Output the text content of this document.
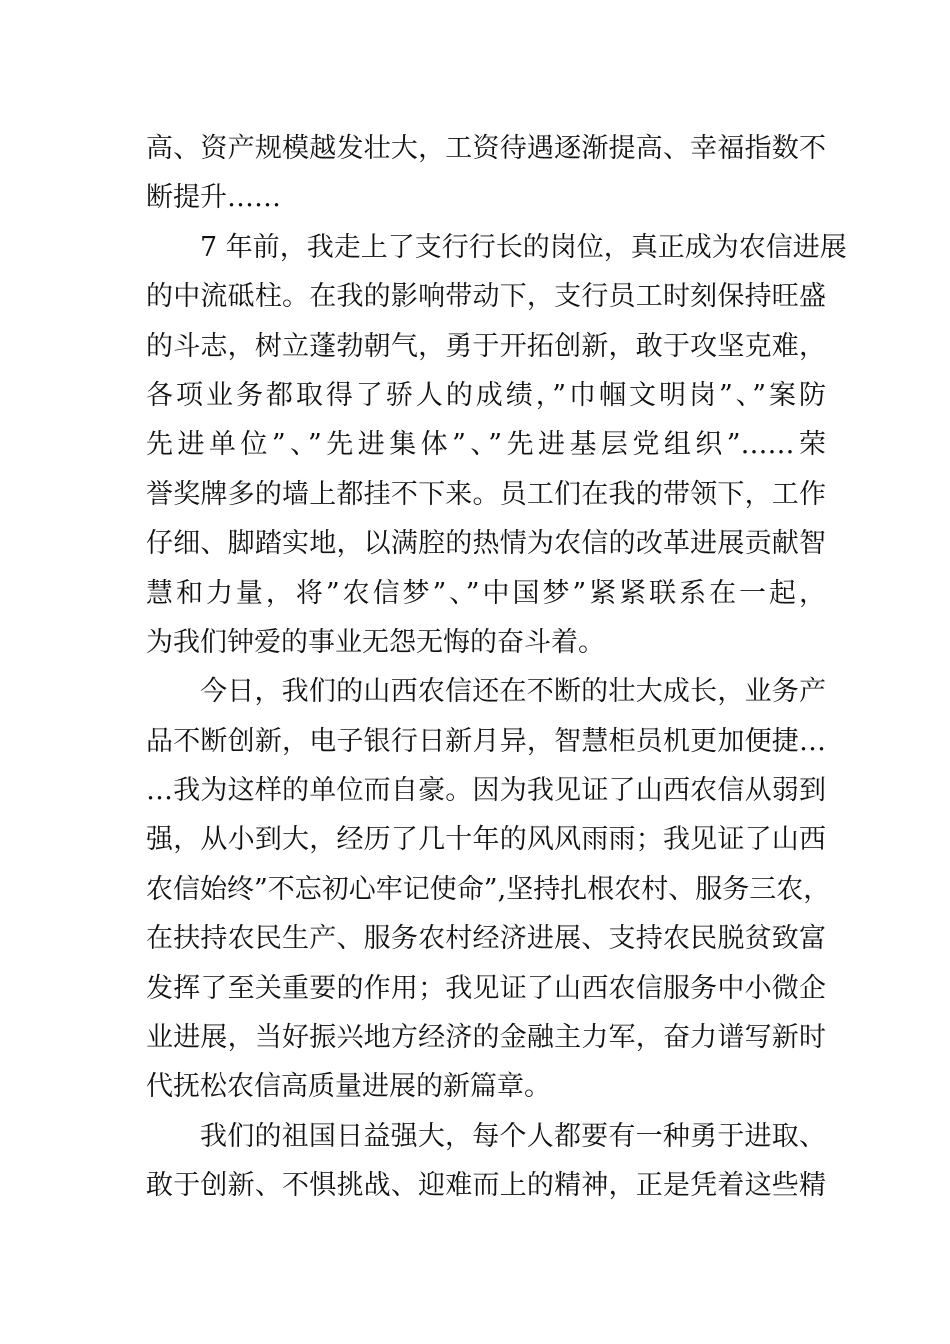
高、资产规模越发壮大，工资待遇逐渐提高、幸福指数不
断提升……
7 年前，我走上了支行行长的岗位，真正成为农信进展
的中流砥柱。在我的影响带动下，支行员工时刻保持旺盛
的斗志，树立蓬勃朝气，勇于开拓创新，敢于攻坚克难，
各项业务都取得了骄人的成绩，”巾帼文明岗”、”案防
先进单位”、”先进集体”、”先进基层党组织”……荣
誉奖牌多的墙上都挂不下来。员工们在我的带领下，工作
仔细、脚踏实地，以满腔的热情为农信的改革进展贡献智
慧和力量，将”农信梦”、”中国梦”紧紧联系在一起，
为我们钟爱的事业无怨无悔的奋斗着。
今日，我们的山西农信还在不断的壮大成长，业务产
品不断创新，电子银行日新月异，智慧柜员机更加便捷…
…我为这样的单位而自豪。因为我见证了山西农信从弱到
强，从小到大，经历了几十年的风风雨雨；我见证了山西
农信始终”不忘初心牢记使命”,坚持扎根农村、服务三农，
在扶持农民生产、服务农村经济进展、支持农民脱贫致富
发挥了至关重要的作用；我见证了山西农信服务中小微企
业进展，当好振兴地方经济的金融主力军，奋力谱写新时
代抚松农信高质量进展的新篇章。
我们的祖国日益强大，每个人都要有一种勇于进取、
敢于创新、不惧挑战、迎难而上的精神，正是凭着这些精
